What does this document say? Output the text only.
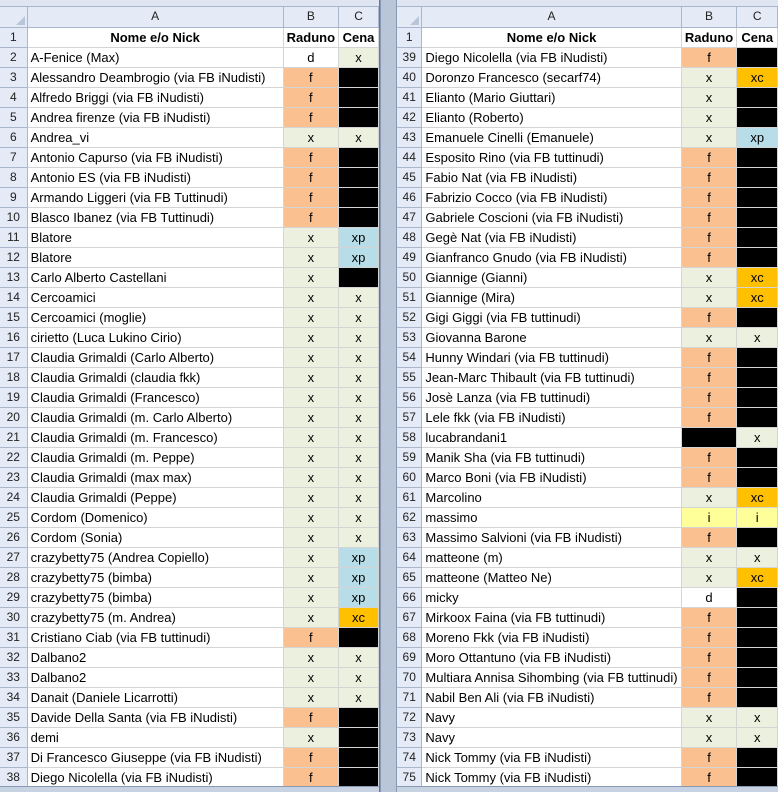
	A	B	C
1	Nome e/o Nick	Raduno	Cena
2	A-Fenice (Max)	d	x
3	Alessandro Deambrogio (via FB iNudisti)	f	
4	Alfredo Briggi (via FB iNudisti)	f	
5	Andrea firenze (via FB iNudisti)	f	
6	Andrea_vi	x	x
7	Antonio Capurso (via FB iNudisti)	f	
8	Antonio ES (via FB iNudisti)	f	
9	Armando Liggeri (via FB Tuttinudi)	f	
10	Blasco Ibanez (via FB Tuttinudi)	f	
11	Blatore	x	xp
12	Blatore	x	xp
13	Carlo Alberto Castellani	x	
14	Cercoamici	x	x
15	Cercoamici (moglie)	x	x
16	cirietto (Luca Lukino Cirio)	x	x
17	Claudia Grimaldi (Carlo Alberto)	x	x
18	Claudia Grimaldi (claudia fkk)	x	x
19	Claudia Grimaldi (Francesco)	x	x
20	Claudia Grimaldi (m. Carlo Alberto)	x	x
21	Claudia Grimaldi (m. Francesco)	x	x
22	Claudia Grimaldi (m. Peppe)	x	x
23	Claudia Grimaldi (max max)	x	x
24	Claudia Grimaldi (Peppe)	x	x
25	Cordom (Domenico)	x	x
26	Cordom (Sonia)	x	x
27	crazybetty75 (Andrea Copiello)	x	xp
28	crazybetty75 (bimba)	x	xp
29	crazybetty75 (bimba)	x	xp
30	crazybetty75 (m. Andrea)	x	xc
31	Cristiano Ciab (via FB tuttinudi)	f	
32	Dalbano2	x	x
33	Dalbano2	x	x
34	Danait (Daniele Licarrotti)	x	x
35	Davide Della Santa (via FB iNudisti)	f	
36	demi	x	
37	Di Francesco Giuseppe (via FB iNudisti)	f	
38	Diego Nicolella (via FB iNudisti)	f	
	A	B	C
1	Nome e/o Nick	Raduno	Cena
39	Diego Nicolella (via FB iNudisti)	f	
40	Doronzo Francesco (secarf74)	x	xc
41	Elianto (Mario Giuttari)	x	
42	Elianto (Roberto)	x	
43	Emanuele Cinelli (Emanuele)	x	xp
44	Esposito Rino (via FB tuttinudi)	f	
45	Fabio Nat (via FB iNudisti)	f	
46	Fabrizio Cocco (via FB iNudisti)	f	
47	Gabriele Coscioni (via FB iNudisti)	f	
48	Gegè Nat (via FB iNudisti)	f	
49	Gianfranco Gnudo (via FB iNudisti)	f	
50	Giannige (Gianni)	x	xc
51	Giannige (Mira)	x	xc
52	Gigi Giggi (via FB tuttinudi)	f	
53	Giovanna Barone	x	x
54	Hunny Windari (via FB tuttinudi)	f	
55	Jean-Marc Thibault (via FB tuttinudi)	f	
56	Josè Lanza (via FB tuttinudi)	f	
57	Lele fkk (via FB iNudisti)	f	
58	lucabrandani1		x
59	Manik Sha (via FB tuttinudi)	f	
60	Marco Boni (via FB iNudisti)	f	
61	Marcolino	x	xc
62	massimo	i	i
63	Massimo Salvioni (via FB iNudisti)	f	
64	matteone (m)	x	x
65	matteone (Matteo Ne)	x	xc
66	micky	d	
67	Mirkoox Faina (via FB tuttinudi)	f	
68	Moreno Fkk (via FB iNudisti)	f	
69	Moro Ottantuno (via FB iNudisti)	f	
70	Multiara Annisa Sihombing (via FB tuttinudi)	f	
71	Nabil Ben Ali (via FB iNudisti)	f	
72	Navy	x	x
73	Navy	x	x
74	Nick Tommy (via FB iNudisti)	f	
75	Nick Tommy (via FB iNudisti)	f	
